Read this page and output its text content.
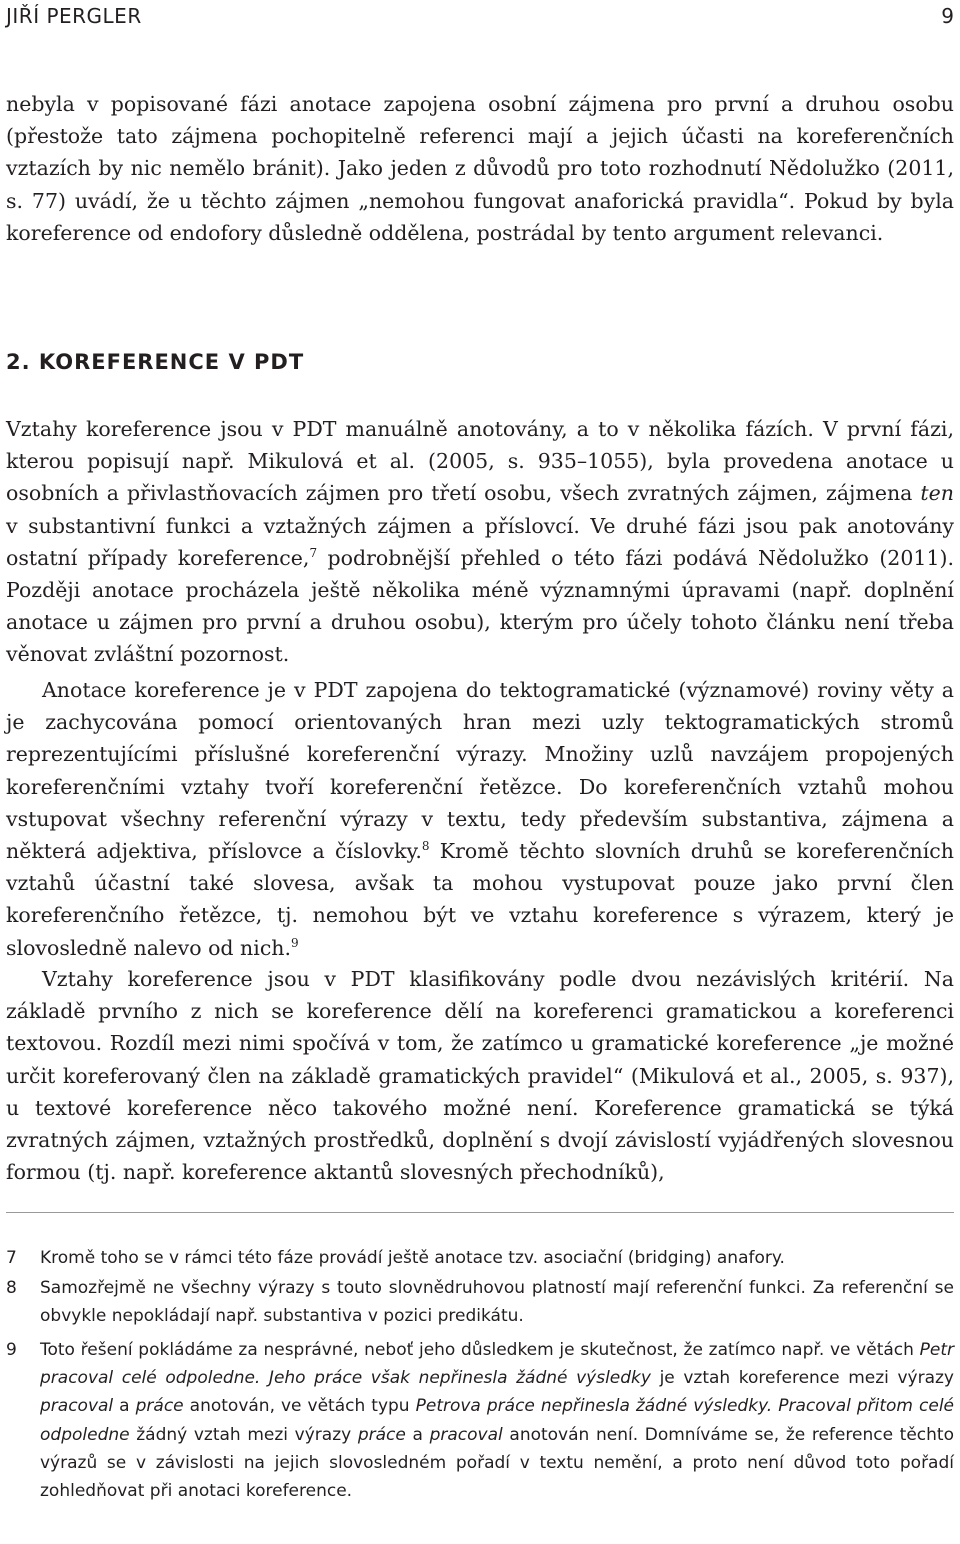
JIŘÍ PERGLER	9

nebyla v popisované fázi anotace zapojena osobní zájmena pro první a druhou osobu (přestože tato zájmena pochopitelně referenci mají a jejich účasti na koreferenčních vztazích by nic nemělo bránit). Jako jeden z důvodů pro toto rozhodnutí Nědolužko (2011, s. 77) uvádí, že u těchto zájmen „nemohou fungovat anaforická pravidla“. Pokud by byla koreference od endofory důsledně oddělena, postrádal by tento argument relevanci.

2. KOREFERENCE V PDT

Vztahy koreference jsou v PDT manuálně anotovány, a to v několika fázích. V první fázi, kterou popisují např. Mikulová et al. (2005, s. 935–1055), byla provedena anotace u osobních a přivlastňovacích zájmen pro třetí osobu, všech zvratných zájmen, zájmena ten v substantivní funkci a vztažných zájmen a příslovcí. Ve druhé fázi jsou pak anotovány ostatní případy koreference,$^7$ podrobnější přehled o této fázi podává Nědolužko (2011). Později anotace procházela ještě několika méně významnými úpravami (např. doplnění anotace u zájmen pro první a druhou osobu), kterým pro účely tohoto článku není třeba věnovat zvláštní pozornost.

Anotace koreference je v PDT zapojena do tektogramatické (významové) roviny věty a je zachycována pomocí orientovaných hran mezi uzly tektogramatických stromů reprezentujícími příslušné koreferenční výrazy. Množiny uzlů navzájem propojených koreferenčními vztahy tvoří koreferenční řetězce. Do koreferenčních vztahů mohou vstupovat všechny referenční výrazy v textu, tedy především substantiva, zájmena a některá adjektiva, příslovce a číslovky.$^8$ Kromě těchto slovních druhů se koreferenčních vztahů účastní také slovesa, avšak ta mohou vystupovat pouze jako první člen koreferenčního řetězce, tj. nemohou být ve vztahu koreference s výrazem, který je slovosledně nalevo od nich.$^9$

Vztahy koreference jsou v PDT klasifikovány podle dvou nezávislých kritérií. Na základě prvního z nich se koreference dělí na koreferenci gramatickou a koreferenci textovou. Rozdíl mezi nimi spočívá v tom, že zatímco u gramatické koreference „je možné určit koreferovaný člen na základě gramatických pravidel“ (Mikulová et al., 2005, s. 937), u textové koreference něco takového možné není. Koreference gramatická se týká zvratných zájmen, vztažných prostředků, doplnění s dvojí závislostí vyjádřených slovesnou formou (tj. např. koreference aktantů slovesných přechodníků),

7 Kromě toho se v rámci této fáze provádí ještě anotace tzv. asociační (bridging) anafory.

8 Samozřejmě ne všechny výrazy s touto slovnědruhovou platností mají referenční funkci. Za referenční se obvykle nepokládají např. substantiva v pozici predikátu.

9 Toto řešení pokládáme za nesprávné, neboť jeho důsledkem je skutečnost, že zatímco např. ve větách Petr pracoval celé odpoledne. Jeho práce však nepřinesla žádné výsledky je vztah koreference mezi výrazy pracoval a práce anotován, ve větách typu Petrova práce nepřinesla žádné výsledky. Pracoval přitom celé odpoledne žádný vztah mezi výrazy práce a pracoval anotován není. Domníváme se, že reference těchto výrazů se v závislosti na jejich slovosledném pořadí v textu nemění, a proto není důvod toto pořadí zohledňovat při anotaci koreference.
